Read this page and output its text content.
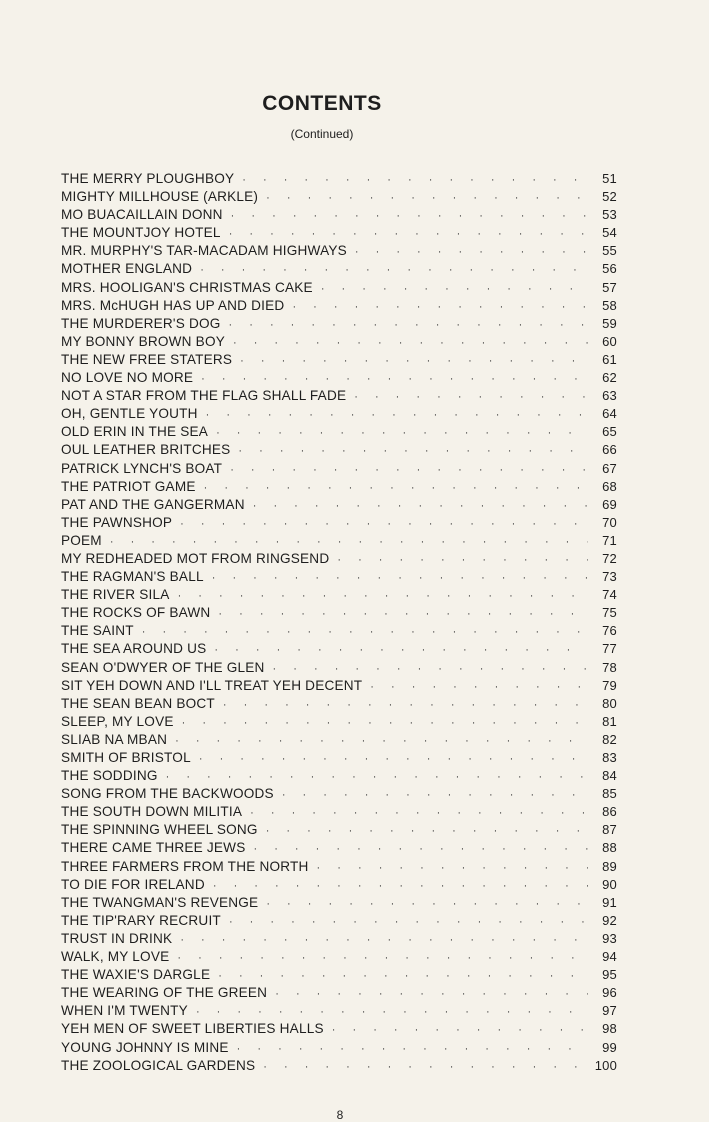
CONTENTS
(Continued)
THE MERRY PLOUGHBOY · · ·	51
MIGHTY MILLHOUSE (ARKLE) · · ·	52
MO BUACAILLAIN DONN · · ·	53
THE MOUNTJOY HOTEL · · ·	54
MR. MURPHY'S TAR-MACADAM HIGHWAYS · · ·	55
MOTHER ENGLAND · · ·	56
MRS. HOOLIGAN'S CHRISTMAS CAKE · · ·	57
MRS. McHUGH HAS UP AND DIED · · ·	58
THE MURDERER'S DOG · · ·	59
MY BONNY BROWN BOY · · ·	60
THE NEW FREE STATERS · · ·	61
NO LOVE NO MORE · · ·	62
NOT A STAR FROM THE FLAG SHALL FADE · · ·	63
OH, GENTLE YOUTH · · ·	64
OLD ERIN IN THE SEA · · ·	65
OUL LEATHER BRITCHES · · ·	66
PATRICK LYNCH'S BOAT · · ·	67
THE PATRIOT GAME · · ·	68
PAT AND THE GANGERMAN · · ·	69
THE PAWNSHOP · · ·	70
POEM · · ·	71
MY REDHEADED MOT FROM RINGSEND · · ·	72
THE RAGMAN'S BALL · · ·	73
THE RIVER SILA · · ·	74
THE ROCKS OF BAWN · · ·	75
THE SAINT · · ·	76
THE SEA AROUND US · · ·	77
SEAN O'DWYER OF THE GLEN · · ·	78
SIT YEH DOWN AND I'LL TREAT YEH DECENT · · ·	79
THE SEAN BEAN BOCT · · ·	80
SLEEP, MY LOVE · · ·	81
SLIAB NA MBAN · · ·	82
SMITH OF BRISTOL · · ·	83
THE SODDING · · ·	84
SONG FROM THE BACKWOODS · · ·	85
THE SOUTH DOWN MILITIA · · ·	86
THE SPINNING WHEEL SONG · · ·	87
THERE CAME THREE JEWS · · ·	88
THREE FARMERS FROM THE NORTH · · ·	89
TO DIE FOR IRELAND · · ·	90
THE TWANGMAN'S REVENGE · · ·	91
THE TIP'RARY RECRUIT · · ·	92
TRUST IN DRINK · · ·	93
WALK, MY LOVE · · ·	94
THE WAXIE'S DARGLE · · ·	95
THE WEARING OF THE GREEN · · ·	96
WHEN I'M TWENTY · · ·	97
YEH MEN OF SWEET LIBERTIES HALLS · · ·	98
YOUNG JOHNNY IS MINE · · ·	99
THE ZOOLOGICAL GARDENS · · ·	100
8
